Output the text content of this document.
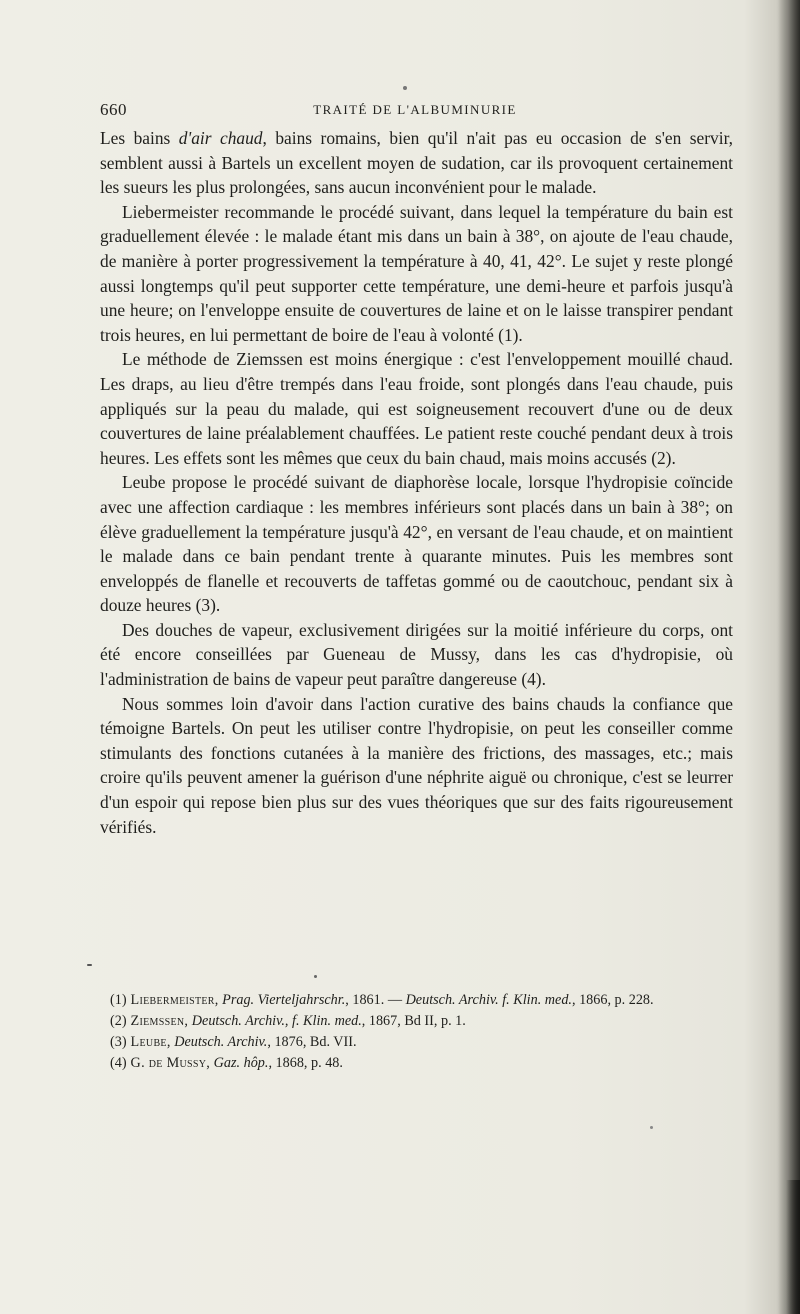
660	TRAITÉ DE L'ALBUMINURIE

Les bains d'air chaud, bains romains, bien qu'il n'ait pas eu occasion de s'en servir, semblent aussi à Bartels un excellent moyen de sudation, car ils provoquent certainement les sueurs les plus prolongées, sans aucun inconvénient pour le malade.

Liebermeister recommande le procédé suivant, dans lequel la température du bain est graduellement élevée : le malade étant mis dans un bain à 38°, on ajoute de l'eau chaude, de manière à porter progressivement la température à 40, 41, 42°. Le sujet y reste plongé aussi longtemps qu'il peut supporter cette température, une demi-heure et parfois jusqu'à une heure; on l'enveloppe ensuite de couvertures de laine et on le laisse transpirer pendant trois heures, en lui permettant de boire de l'eau à volonté (1).

Le méthode de Ziemssen est moins énergique : c'est l'enveloppement mouillé chaud. Les draps, au lieu d'être trempés dans l'eau froide, sont plongés dans l'eau chaude, puis appliqués sur la peau du malade, qui est soigneusement recouvert d'une ou de deux couvertures de laine préalablement chauffées. Le patient reste couché pendant deux à trois heures. Les effets sont les mêmes que ceux du bain chaud, mais moins accusés (2).

Leube propose le procédé suivant de diaphorèse locale, lorsque l'hydropisie coïncide avec une affection cardiaque : les membres inférieurs sont placés dans un bain à 38°; on élève graduellement la température jusqu'à 42°, en versant de l'eau chaude, et on maintient le malade dans ce bain pendant trente à quarante minutes. Puis les membres sont enveloppés de flanelle et recouverts de taffetas gommé ou de caoutchouc, pendant six à douze heures (3).

Des douches de vapeur, exclusivement dirigées sur la moitié inférieure du corps, ont été encore conseillées par Gueneau de Mussy, dans les cas d'hydropisie, où l'administration de bains de vapeur peut paraître dangereuse (4).

Nous sommes loin d'avoir dans l'action curative des bains chauds la confiance que témoigne Bartels. On peut les utiliser contre l'hydropisie, on peut les conseiller comme stimulants des fonctions cutanées à la manière des frictions, des massages, etc.; mais croire qu'ils peuvent amener la guérison d'une néphrite aiguë ou chronique, c'est se leurrer d'un espoir qui repose bien plus sur des vues théoriques que sur des faits rigoureusement vérifiés.

(1) Liebermeister, Prag. Vierteljahrschr., 1861. — Deutsch. Archiv. f. Klin. med., 1866, p. 228.

(2) Ziemssen, Deutsch. Archiv., f. Klin. med., 1867, Bd II, p. 1.

(3) Leube, Deutsch. Archiv., 1876, Bd. VII.

(4) G. de Mussy, Gaz. hôp., 1868, p. 48.
